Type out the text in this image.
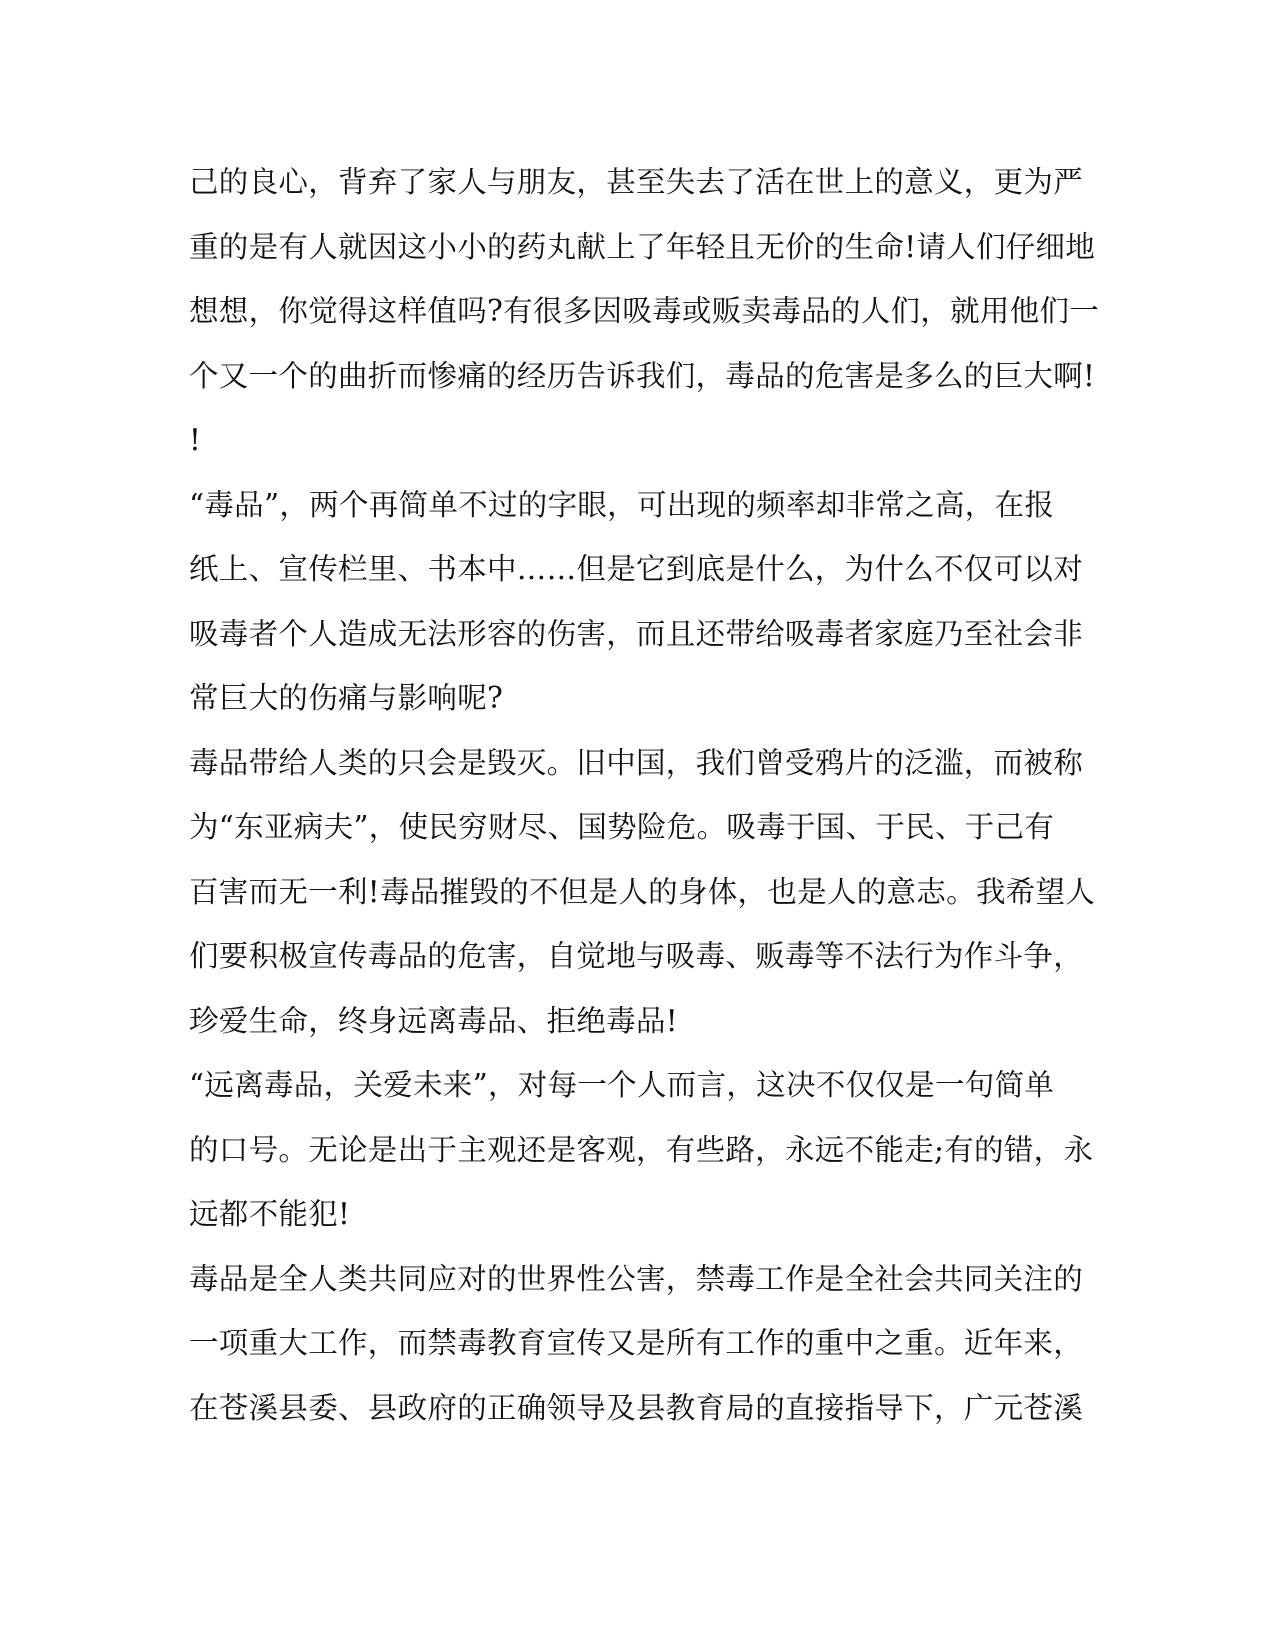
己的良心，背弃了家人与朋友，甚至失去了活在世上的意义，更为严
重的是有人就因这小小的药丸献上了年轻且无价的生命!请人们仔细地
想想，你觉得这样值吗?有很多因吸毒或贩卖毒品的人们，就用他们一
个又一个的曲折而惨痛的经历告诉我们，毒品的危害是多么的巨大啊!
!
“毒品”，两个再简单不过的字眼，可出现的频率却非常之高，在报
纸上、宣传栏里、书本中……但是它到底是什么，为什么不仅可以对
吸毒者个人造成无法形容的伤害，而且还带给吸毒者家庭乃至社会非
常巨大的伤痛与影响呢?
毒品带给人类的只会是毁灭。旧中国，我们曾受鸦片的泛滥，而被称
为“东亚病夫”，使民穷财尽、国势险危。吸毒于国、于民、于己有
百害而无一利!毒品摧毁的不但是人的身体，也是人的意志。我希望人
们要积极宣传毒品的危害，自觉地与吸毒、贩毒等不法行为作斗争，
珍爱生命，终身远离毒品、拒绝毒品!
“远离毒品，关爱未来”，对每一个人而言，这决不仅仅是一句简单
的口号。无论是出于主观还是客观，有些路，永远不能走;有的错，永
远都不能犯!
毒品是全人类共同应对的世界性公害，禁毒工作是全社会共同关注的
一项重大工作，而禁毒教育宣传又是所有工作的重中之重。近年来，
在苍溪县委、县政府的正确领导及县教育局的直接指导下，广元苍溪
